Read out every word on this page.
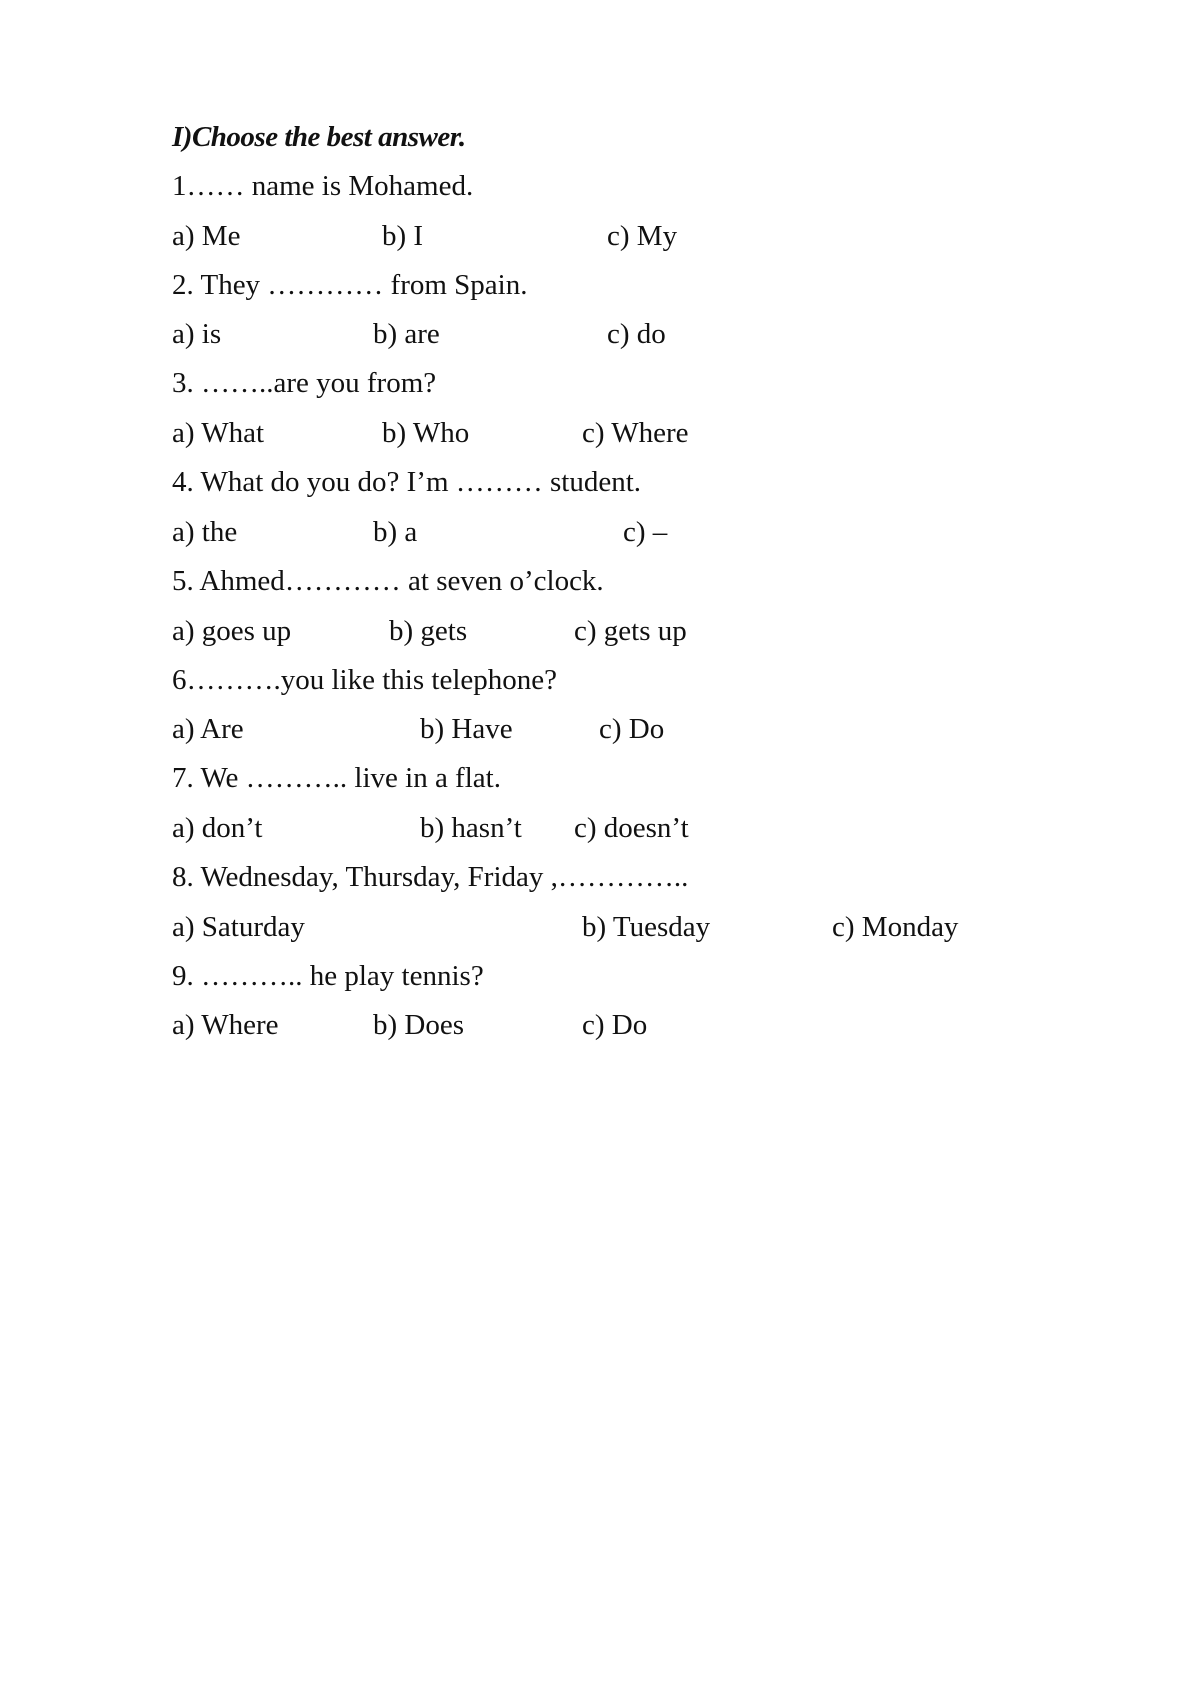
I)Choose the best answer.
1…… name is Mohamed.
a) Me	b) I	c) My
2. They ………… from Spain.
a) is	b) are	c) do
3. ……..are you from?
a) What	b) Who	c) Where
4. What do you do? I’m ……… student.
a) the	b) a	c) –
5. Ahmed………… at seven o’clock.
a) goes up	b) gets	c) gets up
6……….you like this telephone?
a) Are	b) Have	c) Do
7. We ……….. live in a flat.
a) don’t	b) hasn’t c) doesn’t
8. Wednesday, Thursday, Friday ,…………..
a) Saturday	b) Tuesday	c) Monday
9. ……….. he play tennis?
a) Where	b) Does	c) Do
